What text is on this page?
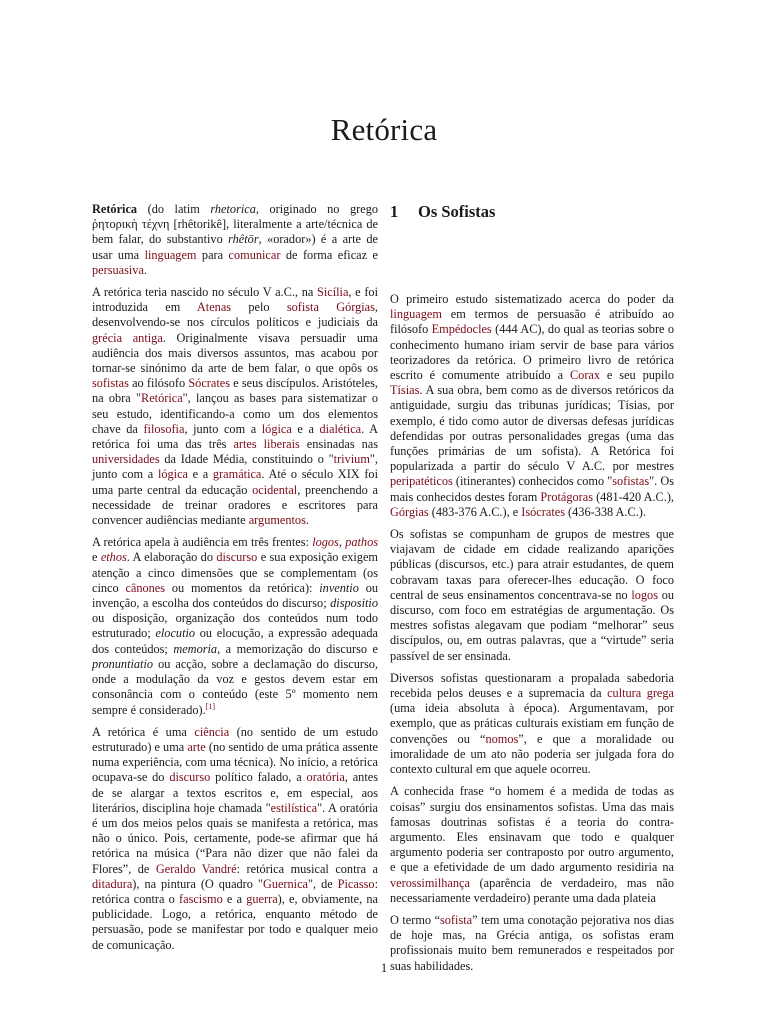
Retórica

Retórica (do latim rhetorica, originado no grego ῥητορικὴ τέχνη [rhêtorikê], literalmente a arte/técnica de bem falar, do substantivo rhêtōr, «orador») é a arte de usar uma linguagem para comunicar de forma eficaz e persuasiva.

A retórica teria nascido no século V a.C., na Sicília, e foi introduzida em Atenas pelo sofista Górgias, desenvolvendo-se nos círculos políticos e judiciais da grécia antiga. Originalmente visava persuadir uma audiência dos mais diversos assuntos, mas acabou por tornar-se sinónimo da arte de bem falar, o que opôs os sofistas ao filósofo Sócrates e seus discípulos. Aristóteles, na obra "Retórica", lançou as bases para sistematizar o seu estudo, identificando-a como um dos elementos chave da filosofia, junto com a lógica e a dialética. A retórica foi uma das três artes liberais ensinadas nas universidades da Idade Média, constituindo o "trivium", junto com a lógica e a gramática. Até o século XIX foi uma parte central da educação ocidental, preenchendo a necessidade de treinar oradores e escritores para convencer audiências mediante argumentos.

A retórica apela à audiência em três frentes: logos, pathos e ethos. A elaboração do discurso e sua exposição exigem atenção a cinco dimensões que se complementam (os cinco cânones ou momentos da retórica): inventio ou invenção, a escolha dos conteúdos do discurso; dispositio ou disposição, organização dos conteúdos num todo estruturado; elocutio ou elocução, a expressão adequada dos conteúdos; memoria, a memorização do discurso e pronuntiatio ou acção, sobre a declamação do discurso, onde a modulação da voz e gestos devem estar em consonância com o conteúdo (este 5º momento nem sempre é considerado).[1]

A retórica é uma ciência (no sentido de um estudo estruturado) e uma arte (no sentido de uma prática assente numa experiência, com uma técnica). No início, a retórica ocupava-se do discurso político falado, a oratória, antes de se alargar a textos escritos e, em especial, aos literários, disciplina hoje chamada "estilística". A oratória é um dos meios pelos quais se manifesta a retórica, mas não o único. Pois, certamente, pode-se afirmar que há retórica na música (“Para não dizer que não falei da Flores”, de Geraldo Vandré: retórica musical contra a ditadura), na pintura (O quadro "Guernica", de Picasso: retórica contra o fascismo e a guerra), e, obviamente, na publicidade. Logo, a retórica, enquanto método de persuasão, pode se manifestar por todo e qualquer meio de comunicação.

1 Os Sofistas

O primeiro estudo sistematizado acerca do poder da linguagem em termos de persuasão é atribuído ao filósofo Empédocles (444 AC), do qual as teorias sobre o conhecimento humano iriam servir de base para vários teorizadores da retórica. O primeiro livro de retórica escrito é comumente atribuído a Corax e seu pupilo Tísias. A sua obra, bem como as de diversos retóricos da antiguidade, surgiu das tribunas jurídicas; Tísias, por exemplo, é tido como autor de diversas defesas jurídicas defendidas por outras personalidades gregas (uma das funções primárias de um sofista). A Retórica foi popularizada a partir do século V A.C. por mestres peripatéticos (itinerantes) conhecidos como "sofistas". Os mais conhecidos destes foram Protágoras (481-420 A.C.), Górgias (483-376 A.C.), e Isócrates (436-338 A.C.).

Os sofistas se compunham de grupos de mestres que viajavam de cidade em cidade realizando aparições públicas (discursos, etc.) para atrair estudantes, de quem cobravam taxas para oferecer-lhes educação. O foco central de seus ensinamentos concentrava-se no logos ou discurso, com foco em estratégias de argumentação. Os mestres sofistas alegavam que podiam “melhorar” seus discípulos, ou, em outras palavras, que a “virtude” seria passível de ser ensinada.

Diversos sofistas questionaram a propalada sabedoria recebida pelos deuses e a supremacia da cultura grega (uma ideia absoluta à época). Argumentavam, por exemplo, que as práticas culturais existiam em função de convenções ou “nomos”, e que a moralidade ou imoralidade de um ato não poderia ser julgada fora do contexto cultural em que aquele ocorreu.

A conhecida frase “o homem é a medida de todas as coisas” surgiu dos ensinamentos sofistas. Uma das mais famosas doutrinas sofistas é a teoria do contra-argumento. Eles ensinavam que todo e qualquer argumento poderia ser contraposto por outro argumento, e que a efetividade de um dado argumento residiria na verossimilhança (aparência de verdadeiro, mas não necessariamente verdadeiro) perante uma dada plateia

O termo “sofista” tem uma conotação pejorativa nos dias de hoje mas, na Grécia antiga, os sofistas eram profissionais muito bem remunerados e respeitados por suas habilidades.

1
